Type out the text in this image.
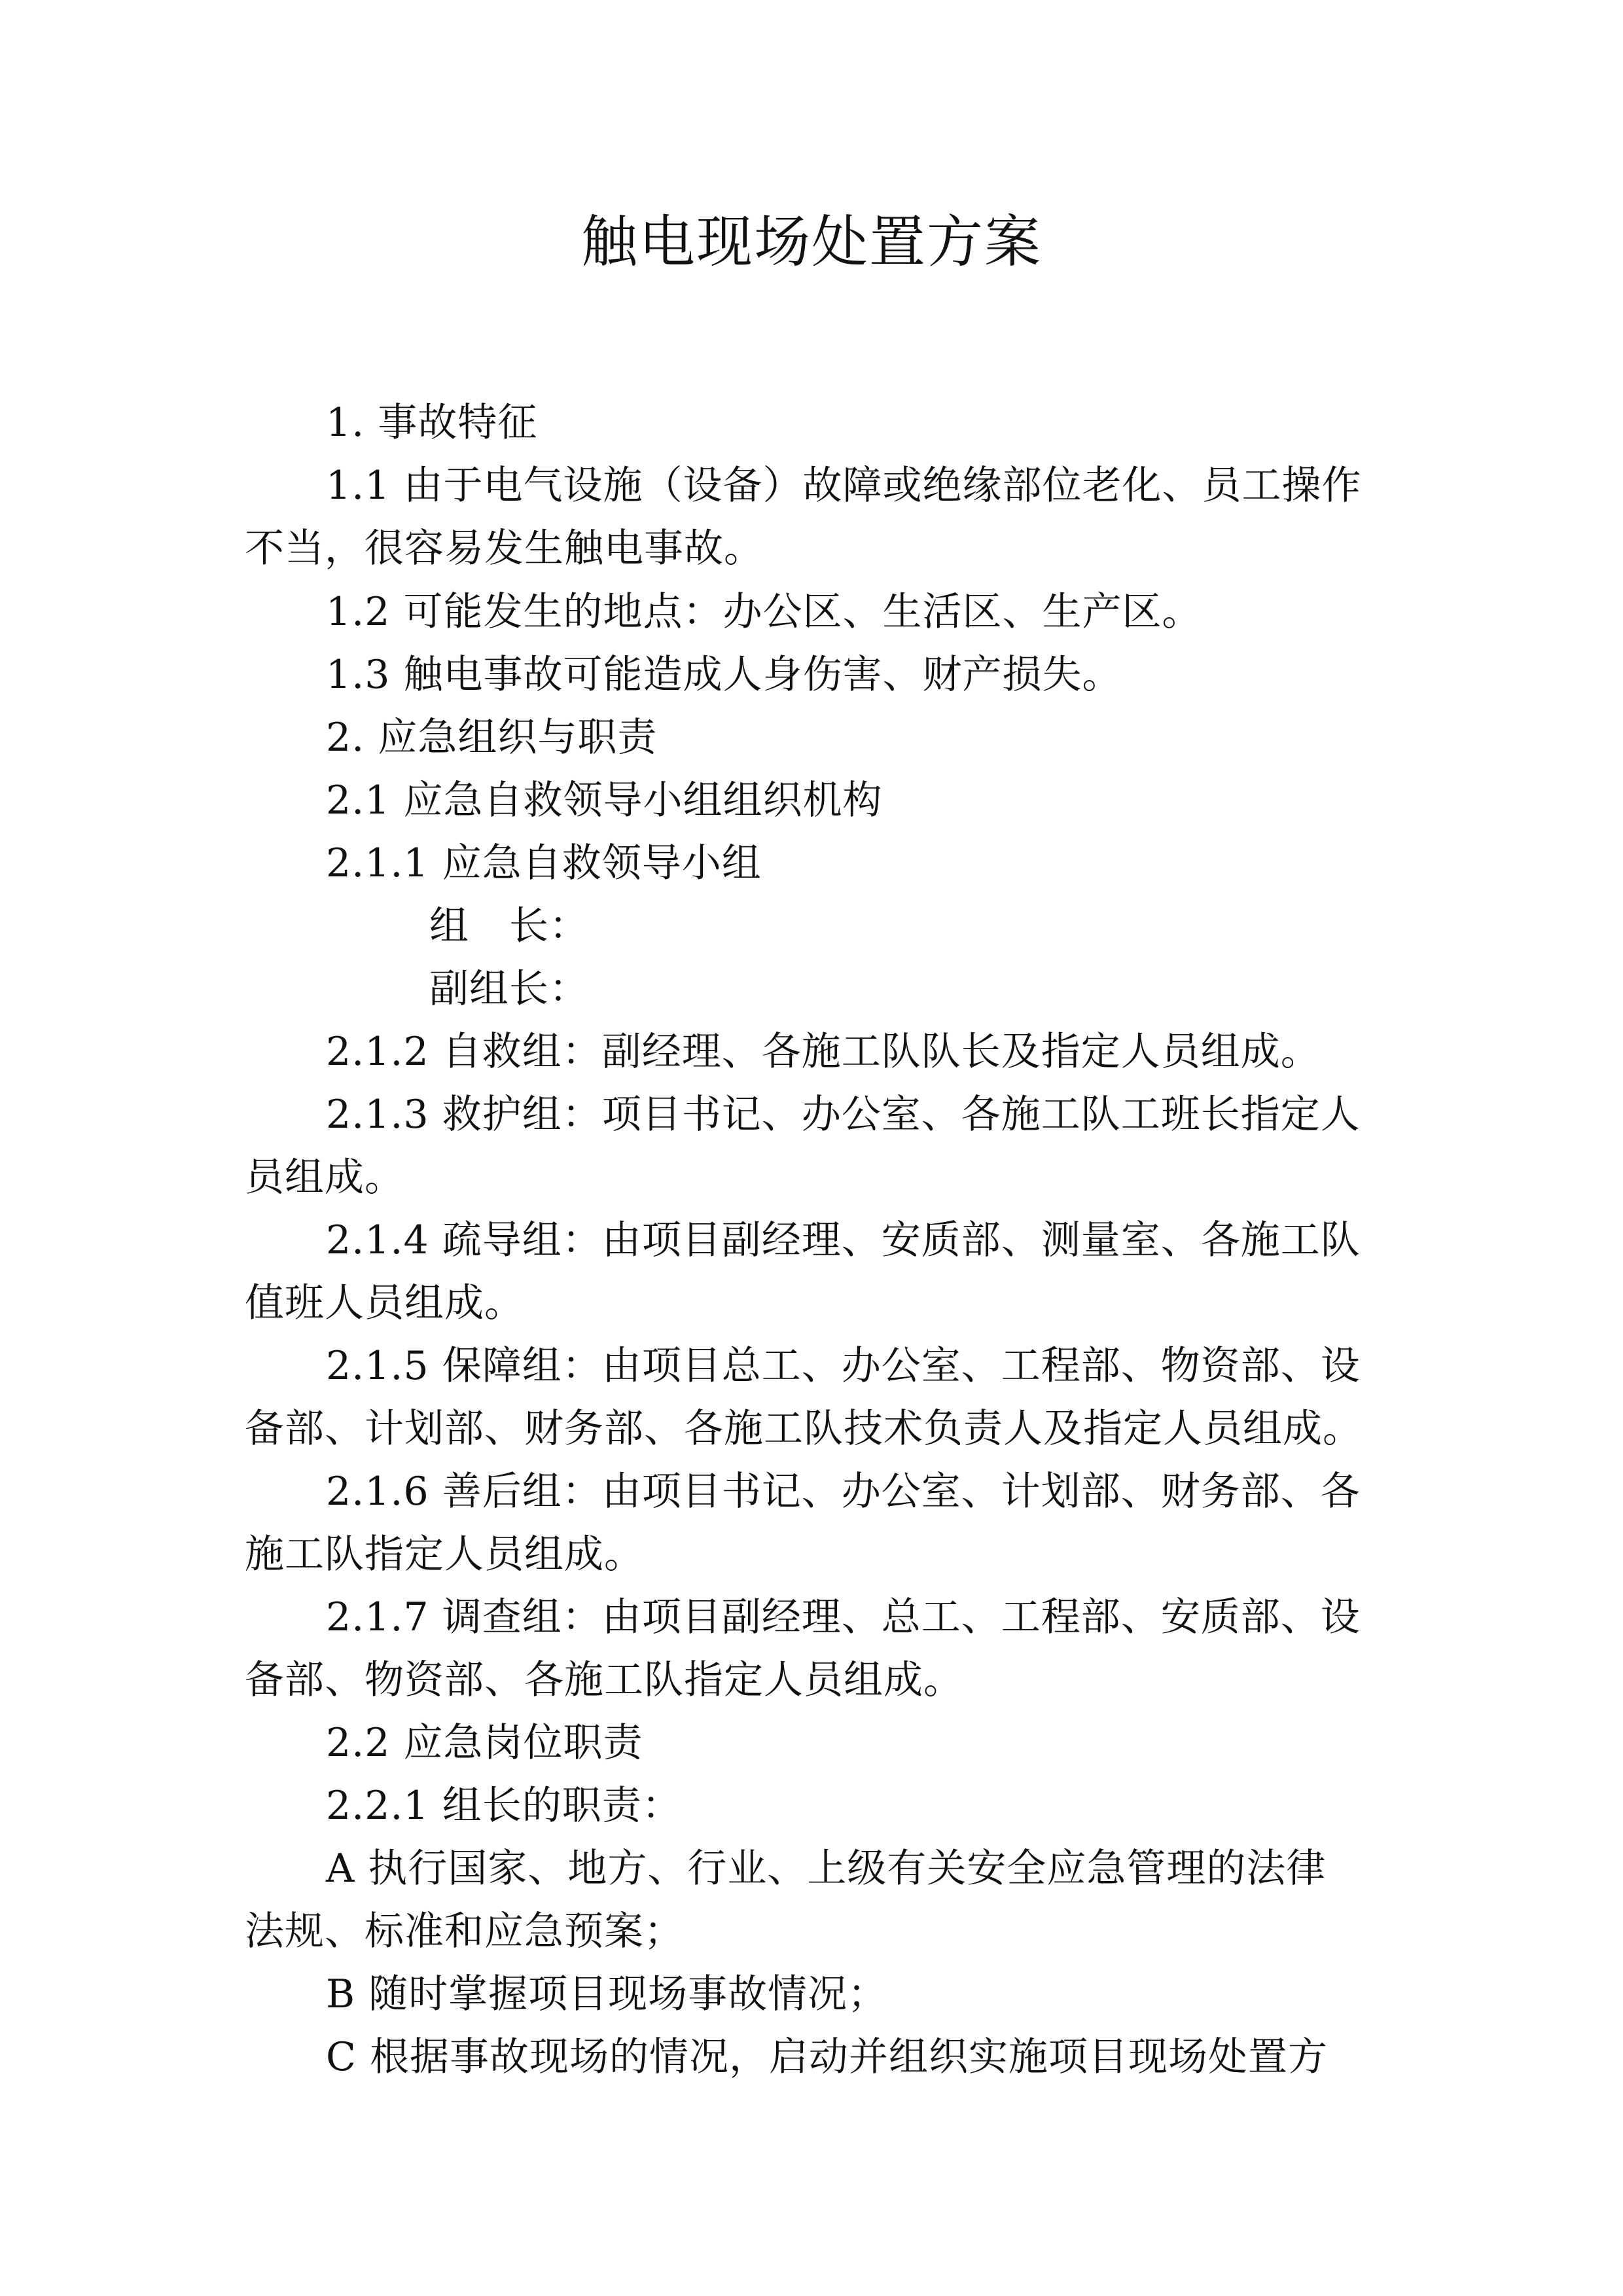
触电现场处置方案
1. 事故特征
1.1 由于电气设施（设备）故障或绝缘部位老化、员工操作
不当，很容易发生触电事故。
1.2 可能发生的地点：办公区、生活区、生产区。
1.3 触电事故可能造成人身伤害、财产损失。
2. 应急组织与职责
2.1 应急自救领导小组组织机构
2.1.1 应急自救领导小组
组　长：
副组长：
2.1.2 自救组：副经理、各施工队队长及指定人员组成。
2.1.3 救护组：项目书记、办公室、各施工队工班长指定人
员组成。
2.1.4 疏导组：由项目副经理、安质部、测量室、各施工队
值班人员组成。
2.1.5 保障组：由项目总工、办公室、工程部、物资部、设
备部、计划部、财务部、各施工队技术负责人及指定人员组成。
2.1.6 善后组：由项目书记、办公室、计划部、财务部、各
施工队指定人员组成。
2.1.7 调查组：由项目副经理、总工、工程部、安质部、设
备部、物资部、各施工队指定人员组成。
2.2 应急岗位职责
2.2.1 组长的职责：
A 执行国家、地方、行业、上级有关安全应急管理的法律
法规、标准和应急预案；
B 随时掌握项目现场事故情况；
C 根据事故现场的情况，启动并组织实施项目现场处置方
